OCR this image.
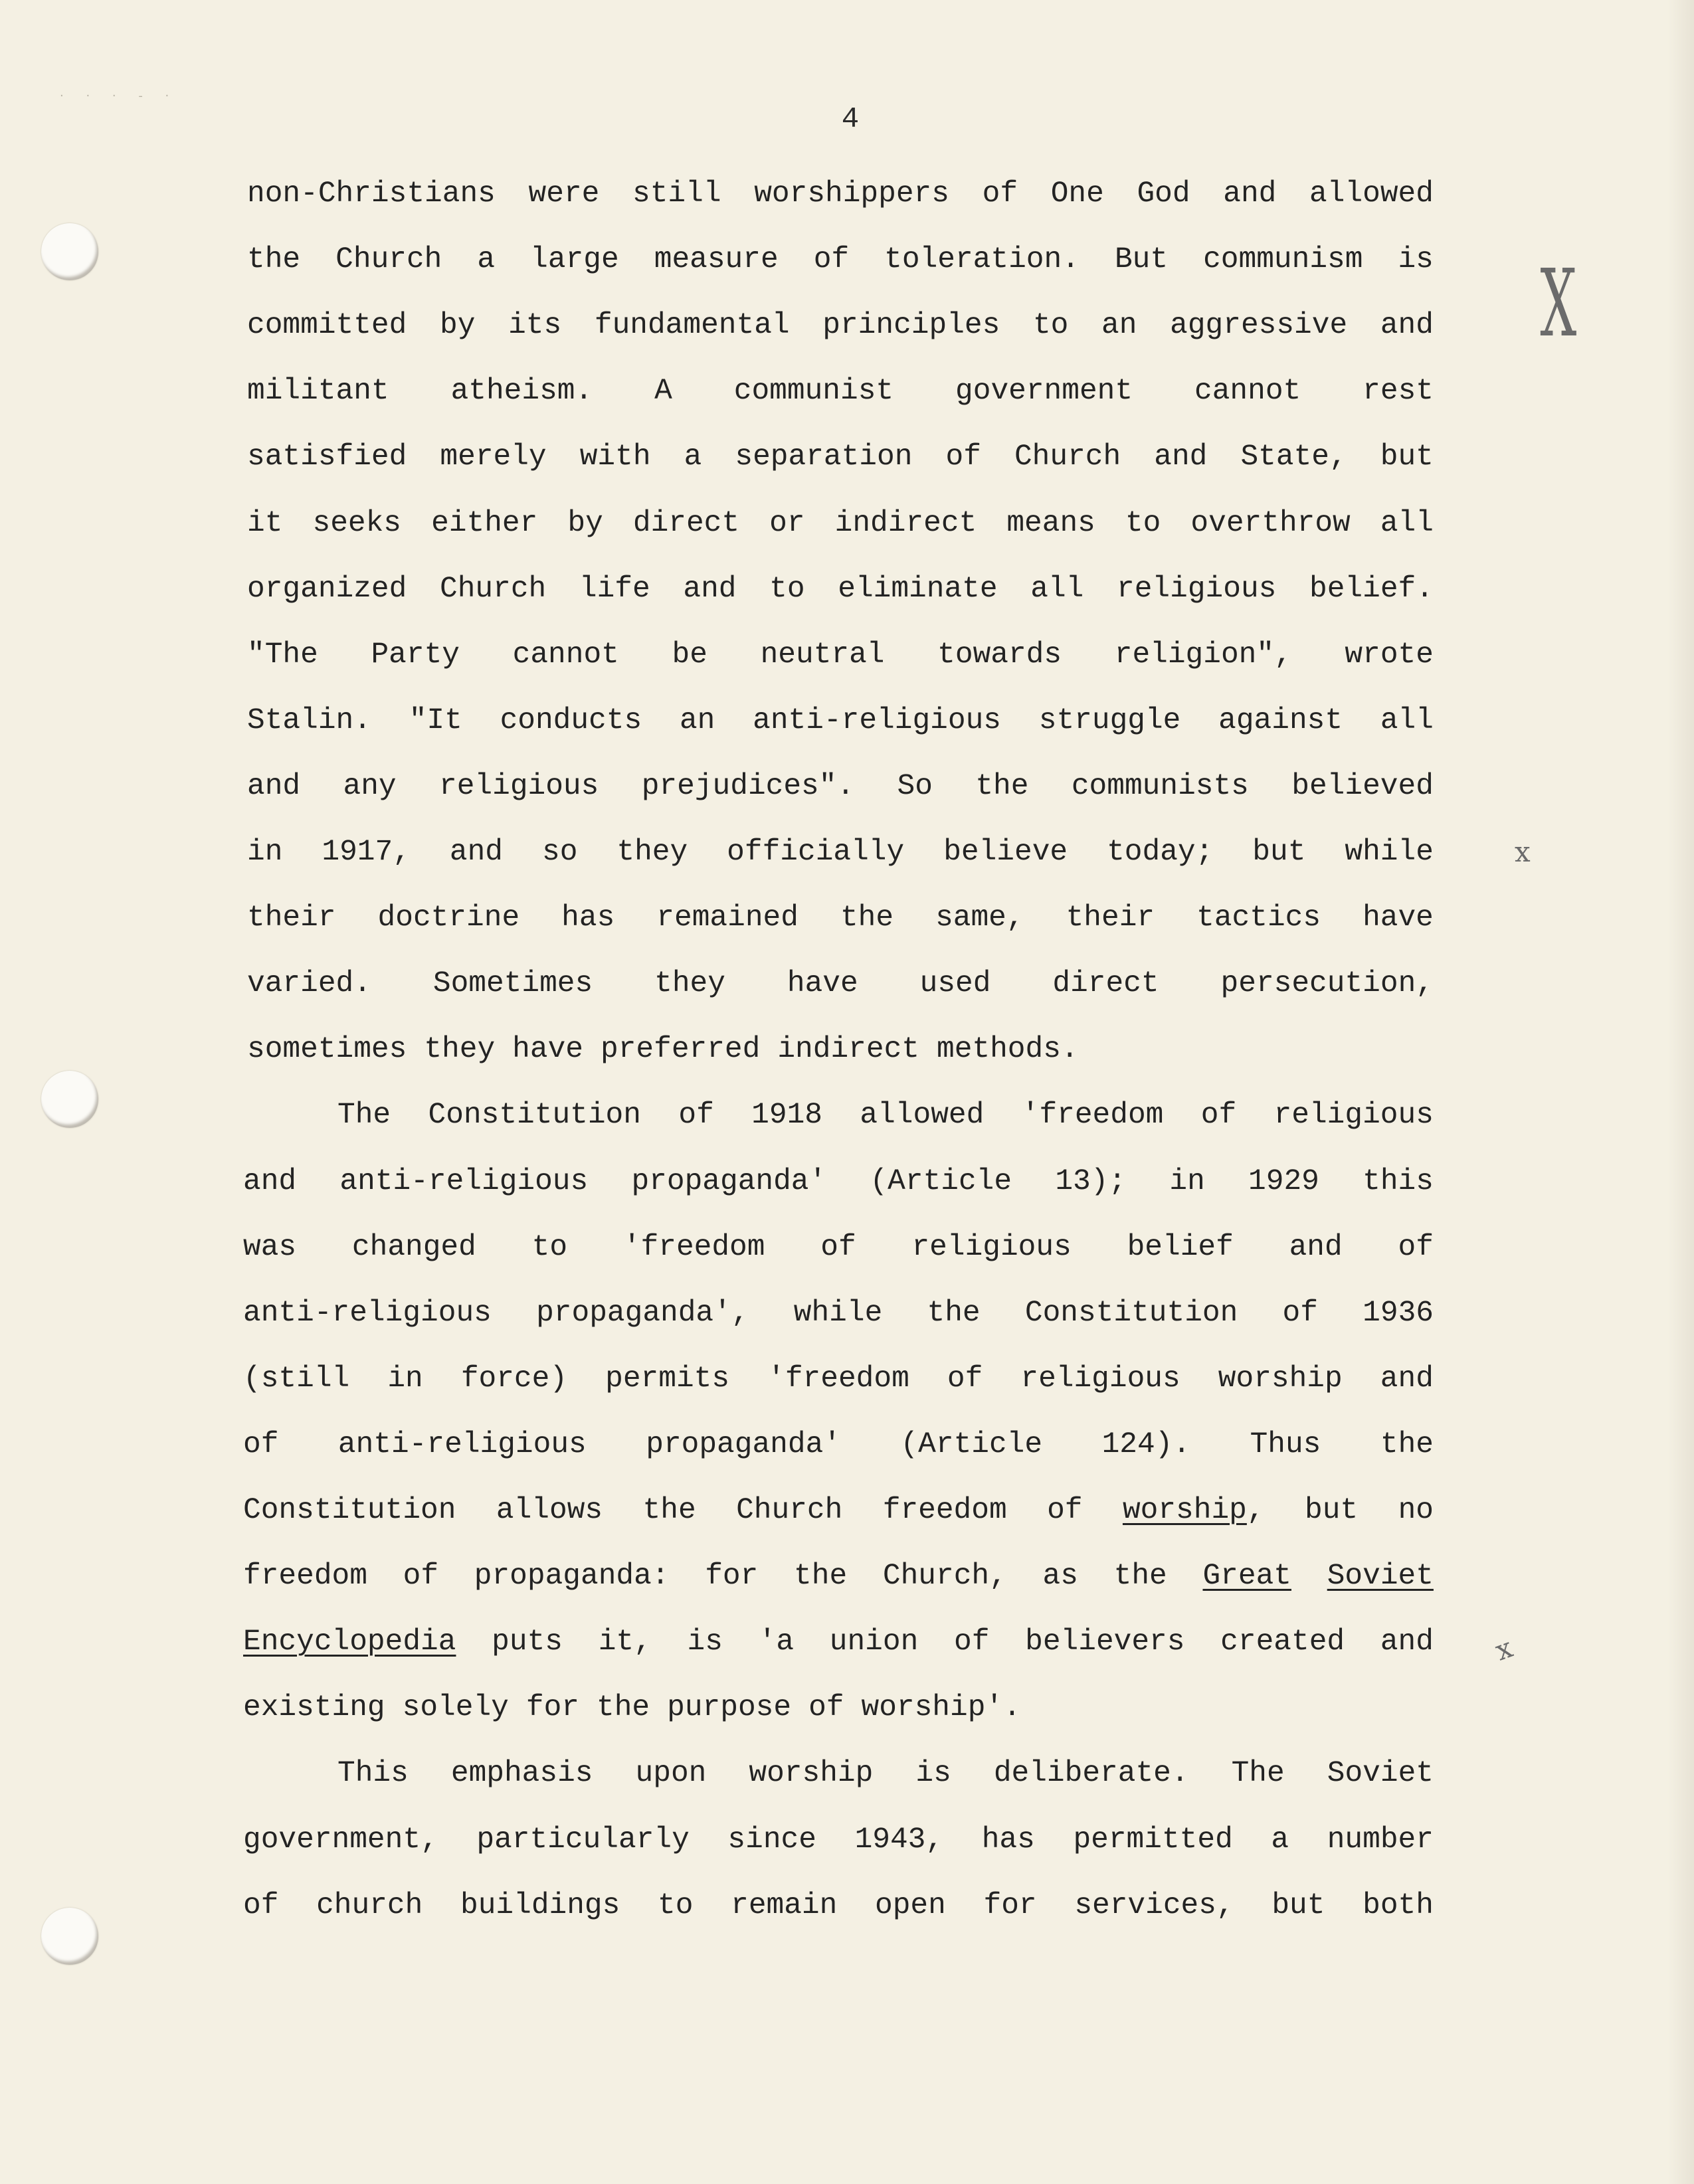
· · · - ·
4
non-Christians were still worshippers of One God and allowed
the Church a large measure of toleration. But communism is
committed by its fundamental principles to an aggressive and
militant atheism. A communist government cannot rest
satisfied merely with a separation of Church and State, but
it seeks either by direct or indirect means to overthrow all
organized Church life and to eliminate all religious belief.
"The Party cannot be neutral towards religion", wrote
Stalin. "It conducts an anti-religious struggle against all
and any religious prejudices". So the communists believed
in 1917, and so they officially believe today; but while
their doctrine has remained the same, their tactics have
varied. Sometimes they have used direct persecution,
sometimes they have preferred indirect methods.
The Constitution of 1918 allowed 'freedom of religious
and anti-religious propaganda' (Article 13); in 1929 this
was changed to 'freedom of religious belief and of
anti-religious propaganda', while the Constitution of 1936
(still in force) permits 'freedom of religious worship and
of anti-religious propaganda' (Article 124). Thus the
Constitution allows the Church freedom of worship, but no
freedom of propaganda: for the Church, as the Great Soviet
Encyclopedia puts it, is 'a union of believers created and
existing solely for the purpose of worship'.
This emphasis upon worship is deliberate. The Soviet
government, particularly since 1943, has permitted a number
of church buildings to remain open for services, but both
X
x
x
